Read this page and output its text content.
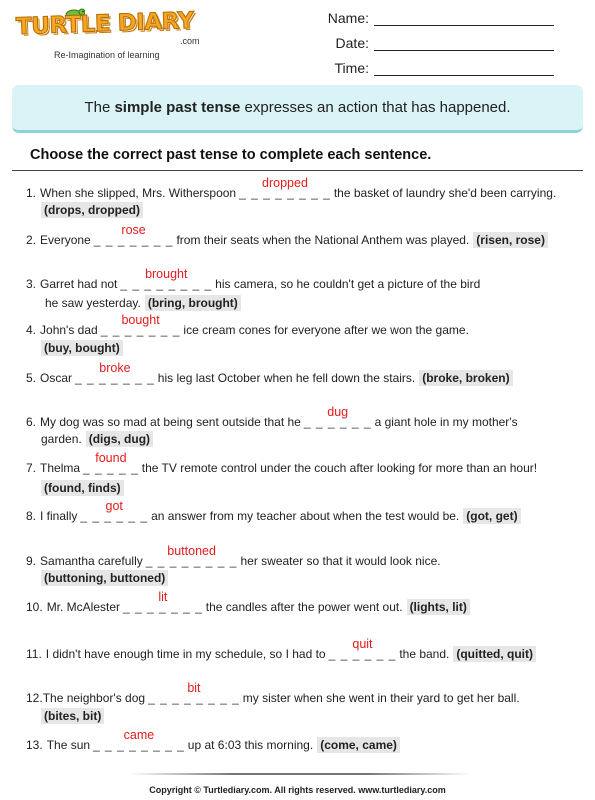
TURTLE DIARY
.com
Re-Imagination of learning
Name:
Date:
Time:
The simple past tense expresses an action that has happened.
Choose the correct past tense to complete each sentence.
1. When she slipped, Mrs. Witherspoon _ _ _ _ _ _ _ _
dropped
the basket of laundry she'd been carrying.
(drops, dropped)
2. Everyone _ _ _ _ _ _ _
rose
from their seats when the National Anthem was played. (risen, rose)
3. Garret had not _ _ _ _ _ _ _ _
brought
his camera, so he couldn't get a picture of the bird
he saw yesterday. (bring, brought)
4. John's dad _ _ _ _ _ _ _
bought
ice cream cones for everyone after we won the game.
(buy, bought)
5. Oscar _ _ _ _ _ _ _
broke
his leg last October when he fell down the stairs. (broke, broken)
6. My dog was so mad at being sent outside that he _ _ _ _ _ _
dug
a giant hole in my mother's
garden. (digs, dug)
7. Thelma _ _ _ _ _
found
the TV remote control under the couch after looking for more than an hour!
(found, finds)
8. I finally _ _ _ _ _ _
got
an answer from my teacher about when the test would be. (got, get)
9. Samantha carefully _ _ _ _ _ _ _ _
buttoned
her sweater so that it would look nice.
(buttoning, buttoned)
10. Mr. McAlester _ _ _ _ _ _ _
lit
the candles after the power went out. (lights, lit)
11. I didn't have enough time in my schedule, so I had to _ _ _ _ _ _
quit
the band. (quitted, quit)
12. The neighbor's dog _ _ _ _ _ _ _ _
bit
my sister when she went in their yard to get her ball.
(bites, bit)
13. The sun _ _ _ _ _ _ _ _
came
up at 6:03 this morning. (come, came)
Copyright © Turtlediary.com. All rights reserved. www.turtlediary.com
